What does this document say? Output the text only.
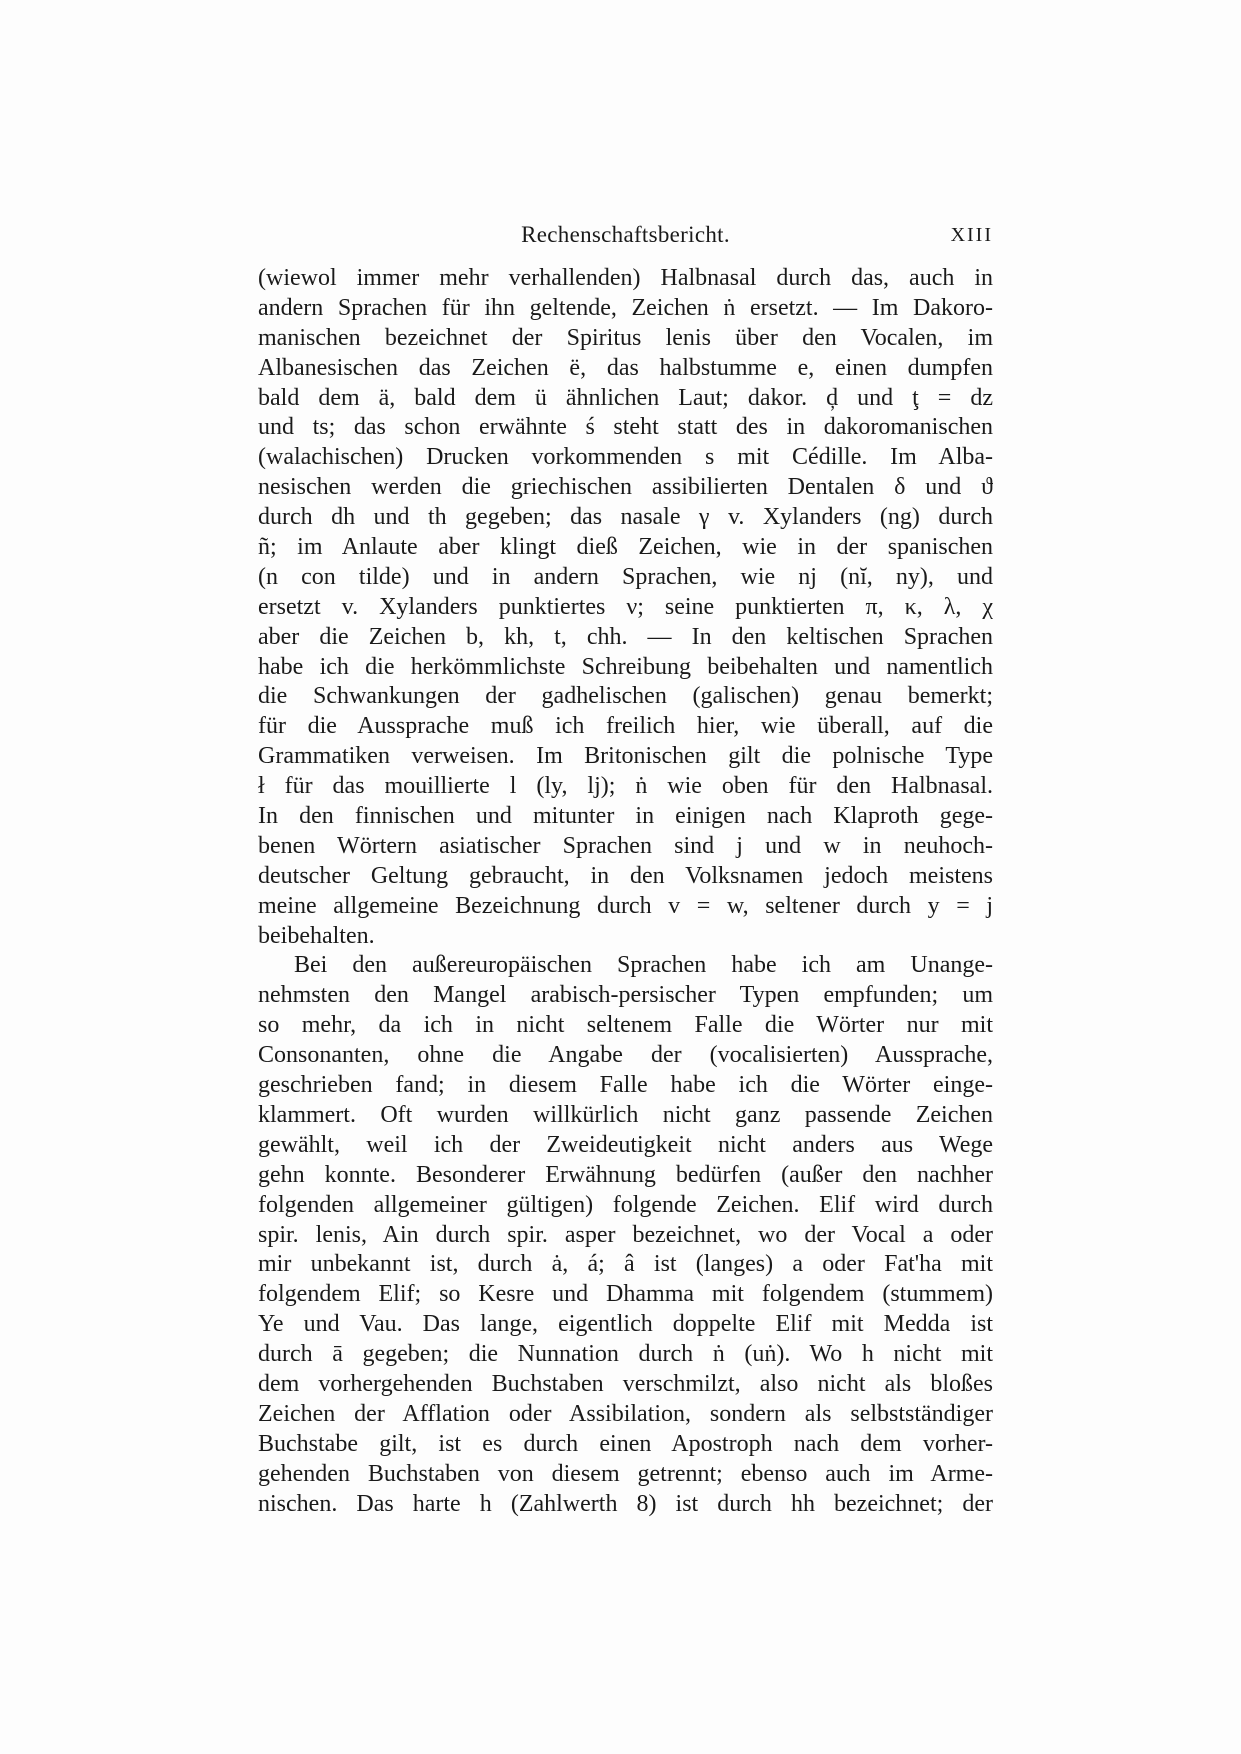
Rechenschaftsbericht.	XIII
(wiewol immer mehr verhallenden) Halbnasal durch das, auch in
andern Sprachen für ihn geltende, Zeichen ṅ ersetzt. — Im Dakoro-
manischen bezeichnet der Spiritus lenis über den Vocalen, im
Albanesischen das Zeichen ë, das halbstumme e, einen dumpfen
bald dem ä, bald dem ü ähnlichen Laut; dakor. ḑ und ţ = dz
und ts; das schon erwähnte ś steht statt des in dakoromanischen
(walachischen) Drucken vorkommenden s mit Cédille. Im Alba-
nesischen werden die griechischen assibilierten Dentalen δ und ϑ
durch dh und th gegeben; das nasale γ v. Xylanders (ng) durch
ñ; im Anlaute aber klingt dieß Zeichen, wie in der spanischen
(n con tilde) und in andern Sprachen, wie nj (nĭ, ny), und
ersetzt v. Xylanders punktiertes ν; seine punktierten π, κ, λ, χ
aber die Zeichen b, kh, t, chh. — In den keltischen Sprachen
habe ich die herkömmlichste Schreibung beibehalten und namentlich
die Schwankungen der gadhelischen (galischen) genau bemerkt;
für die Aussprache muß ich freilich hier, wie überall, auf die
Grammatiken verweisen. Im Britonischen gilt die polnische Type
ł für das mouillierte l (ly, lj); ṅ wie oben für den Halbnasal.
In den finnischen und mitunter in einigen nach Klaproth gege-
benen Wörtern asiatischer Sprachen sind j und w in neuhoch-
deutscher Geltung gebraucht, in den Volksnamen jedoch meistens
meine allgemeine Bezeichnung durch v = w, seltener durch y = j
beibehalten.
Bei den außereuropäischen Sprachen habe ich am Unange-
nehmsten den Mangel arabisch-persischer Typen empfunden; um
so mehr, da ich in nicht seltenem Falle die Wörter nur mit
Consonanten, ohne die Angabe der (vocalisierten) Aussprache,
geschrieben fand; in diesem Falle habe ich die Wörter einge-
klammert. Oft wurden willkürlich nicht ganz passende Zeichen
gewählt, weil ich der Zweideutigkeit nicht anders aus Wege
gehn konnte. Besonderer Erwähnung bedürfen (außer den nachher
folgenden allgemeiner gültigen) folgende Zeichen. Elif wird durch
spir. lenis, Ain durch spir. asper bezeichnet, wo der Vocal a oder
mir unbekannt ist, durch ȧ, á; â ist (langes) a oder Fat'ha mit
folgendem Elif; so Kesre und Dhamma mit folgendem (stummem)
Ye und Vau. Das lange, eigentlich doppelte Elif mit Medda ist
durch ā gegeben; die Nunnation durch ṅ (uṅ). Wo h nicht mit
dem vorhergehenden Buchstaben verschmilzt, also nicht als bloßes
Zeichen der Afflation oder Assibilation, sondern als selbstständiger
Buchstabe gilt, ist es durch einen Apostroph nach dem vorher-
gehenden Buchstaben von diesem getrennt; ebenso auch im Arme-
nischen. Das harte h (Zahlwerth 8) ist durch hh bezeichnet; der
